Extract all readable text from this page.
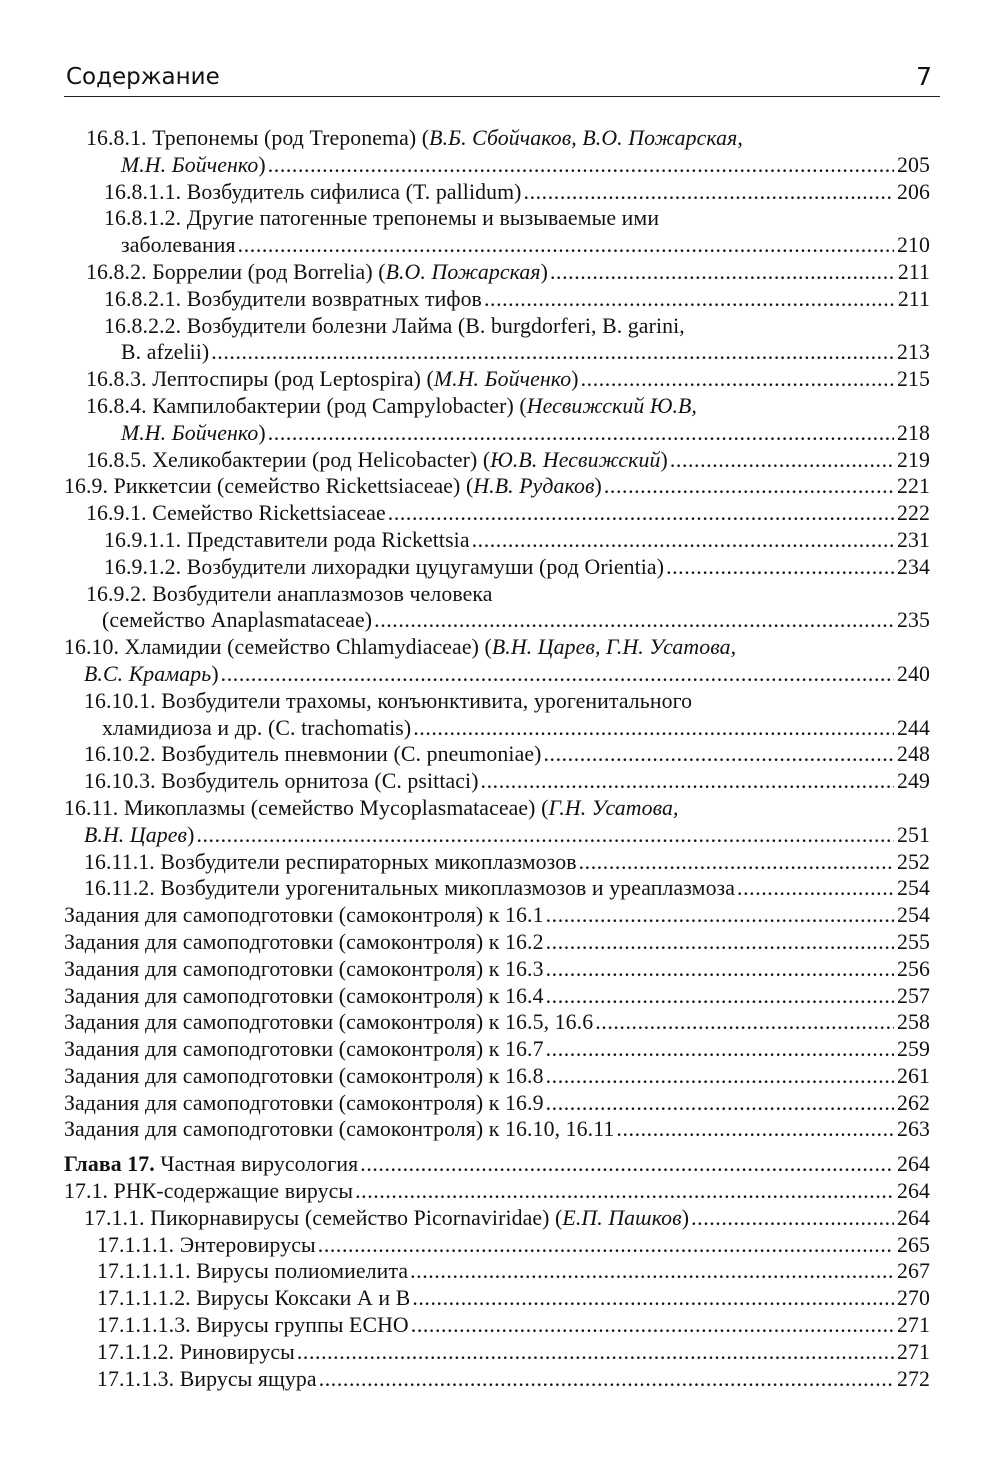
Содержание	7
16.8.1. Трепонемы (род Treponema) ( В.Б. Сбойчаков, В.О. Пожарская,
М.Н. Бойченко ) .....	205
16.8.1.1. Возбудитель сифилиса (T. pallidum) .....	206
16.8.1.2. Другие патогенные трепонемы и вызываемые ими
заболевания .....	210
16.8.2. Боррелии (род Borrelia) ( В.О. Пожарская ) .....	211
16.8.2.1. Возбудители возвратных тифов .....	211
16.8.2.2. Возбудители болезни Лайма (B. burgdorferi, B. garini,
B. afzelii) .....	213
16.8.3. Лептоспиры (род Leptospira) ( М.Н. Бойченко ) .....	215
16.8.4. Кампилобактерии (род Campylobacter) ( Несвижский Ю.В,
М.Н. Бойченко ) .....	218
16.8.5. Хеликобактерии (род Helicobacter) ( Ю.В. Несвижский ) .....	219
16.9. Риккетсии (семейство Rickettsiaceae) ( Н.В. Рудаков ) .....	221
16.9.1. Семейство Rickettsiaceae .....	222
16.9.1.1. Представители рода Rickettsia .....	231
16.9.1.2. Возбудители лихорадки цуцугамуши (род Orientia) .....	234
16.9.2. Возбудители анаплазмозов человека
(семейство Anaplasmataceae) .....	235
16.10. Хламидии (семейство Chlamydiaceae) ( В.Н. Царев, Г.Н. Усатова,
В.С. Крамарь ) .....	240
16.10.1. Возбудители трахомы, конъюнктивита, урогенитального
хламидиоза и др. (C. trachomatis) .....	244
16.10.2. Возбудитель пневмонии (C. pneumoniae) .....	248
16.10.3. Возбудитель орнитоза (C. psittaci) .....	249
16.11. Микоплазмы (семейство Mycoplasmataceae) ( Г.Н. Усатова,
В.Н. Царев ) .....	251
16.11.1. Возбудители респираторных микоплазмозов .....	252
16.11.2. Возбудители урогенитальных микоплазмозов и уреаплазмоза .....	254
Задания для самоподготовки (самоконтроля) к 16.1 .....	254
Задания для самоподготовки (самоконтроля) к 16.2 .....	255
Задания для самоподготовки (самоконтроля) к 16.3 .....	256
Задания для самоподготовки (самоконтроля) к 16.4 .....	257
Задания для самоподготовки (самоконтроля) к 16.5, 16.6 .....	258
Задания для самоподготовки (самоконтроля) к 16.7 .....	259
Задания для самоподготовки (самоконтроля) к 16.8 .....	261
Задания для самоподготовки (самоконтроля) к 16.9 .....	262
Задания для самоподготовки (самоконтроля) к 16.10, 16.11 .....	263
Глава 17. Частная вирусология .....	264
17.1. РНК-содержащие вирусы .....	264
17.1.1. Пикорнавирусы (семейство Picornaviridae) ( Е.П. Пашков ) .....	264
17.1.1.1. Энтеровирусы .....	265
17.1.1.1.1. Вирусы полиомиелита .....	267
17.1.1.1.2. Вирусы Коксаки А и В .....	270
17.1.1.1.3. Вирусы группы ЕСНО .....	271
17.1.1.2. Риновирусы .....	271
17.1.1.3. Вирусы ящура .....	272
